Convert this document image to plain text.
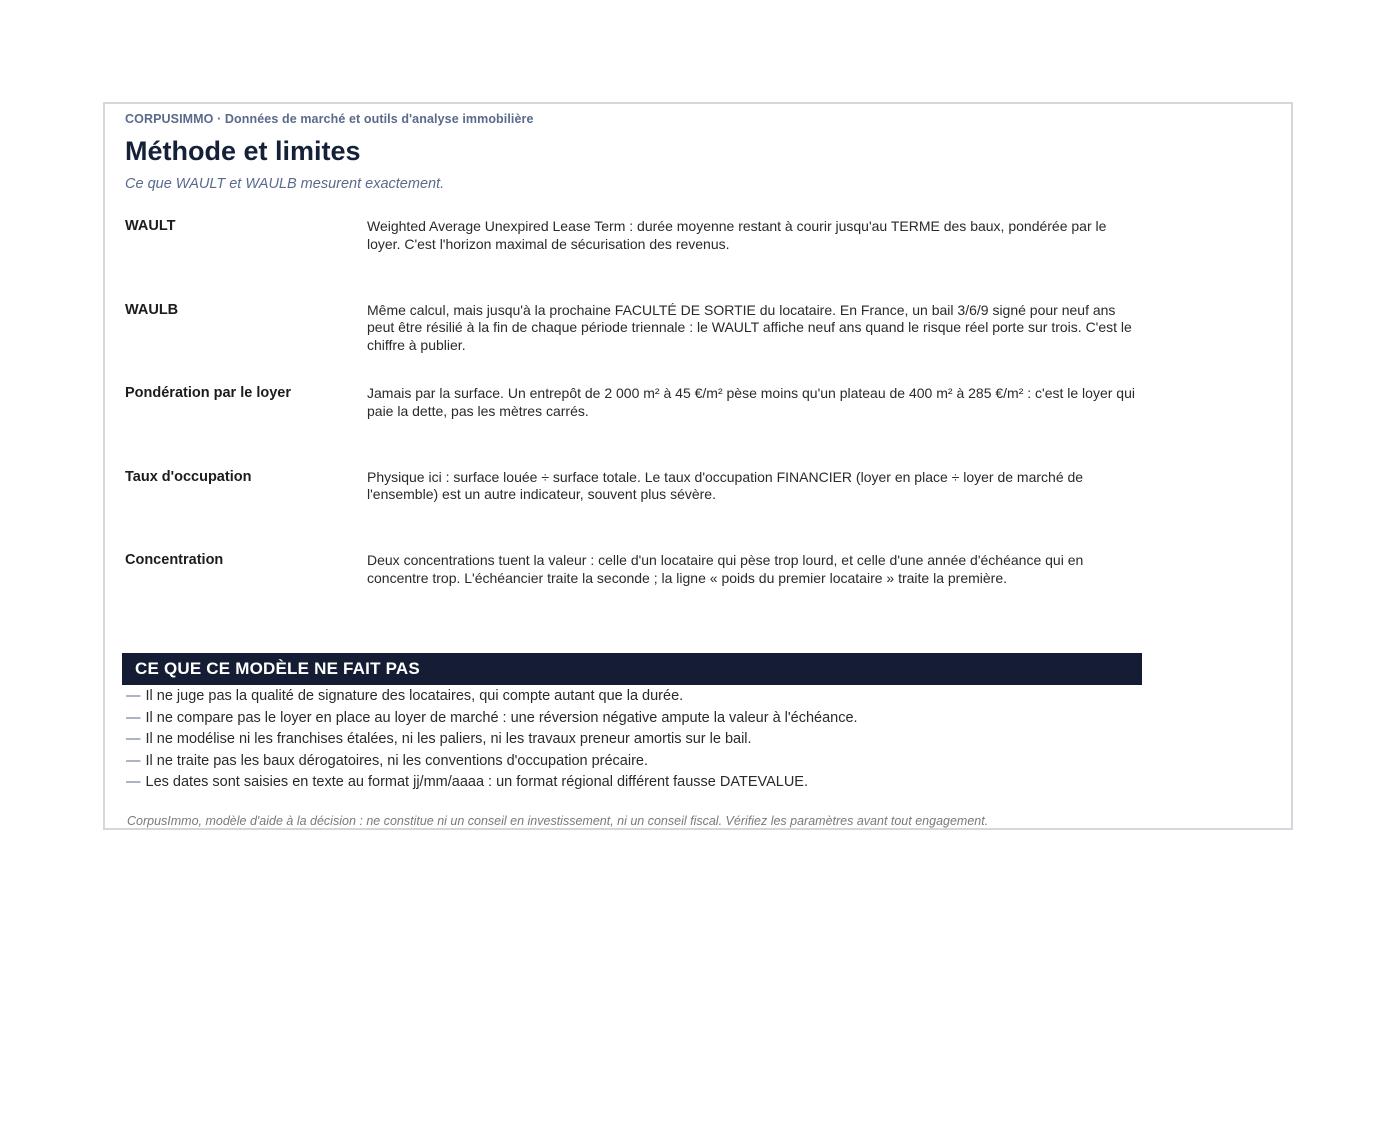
CORPUSIMMO · Données de marché et outils d'analyse immobilière
Méthode et limites
Ce que WAULT et WAULB mesurent exactement.
WAULT	Weighted Average Unexpired Lease Term : durée moyenne restant à courir jusqu'au TERME des baux, pondérée par le loyer. C'est l'horizon maximal de sécurisation des revenus.
WAULB	Même calcul, mais jusqu'à la prochaine FACULTÉ DE SORTIE du locataire. En France, un bail 3/6/9 signé pour neuf ans peut être résilié à la fin de chaque période triennale : le WAULT affiche neuf ans quand le risque réel porte sur trois. C'est le chiffre à publier.
Pondération par le loyer	Jamais par la surface. Un entrepôt de 2 000 m² à 45 €/m² pèse moins qu'un plateau de 400 m² à 285 €/m² : c'est le loyer qui paie la dette, pas les mètres carrés.
Taux d'occupation	Physique ici : surface louée ÷ surface totale. Le taux d'occupation FINANCIER (loyer en place ÷ loyer de marché de l'ensemble) est un autre indicateur, souvent plus sévère.
Concentration	Deux concentrations tuent la valeur : celle d'un locataire qui pèse trop lourd, et celle d'une année d'échéance qui en concentre trop. L'échéancier traite la seconde ; la ligne « poids du premier locataire » traite la première.
CE QUE CE MODÈLE NE FAIT PAS
— Il ne juge pas la qualité de signature des locataires, qui compte autant que la durée.
— Il ne compare pas le loyer en place au loyer de marché : une réversion négative ampute la valeur à l'échéance.
— Il ne modélise ni les franchises étalées, ni les paliers, ni les travaux preneur amortis sur le bail.
— Il ne traite pas les baux dérogatoires, ni les conventions d'occupation précaire.
— Les dates sont saisies en texte au format jj/mm/aaaa : un format régional différent fausse DATEVALUE.
CorpusImmo, modèle d'aide à la décision : ne constitue ni un conseil en investissement, ni un conseil fiscal. Vérifiez les paramètres avant tout engagement.
